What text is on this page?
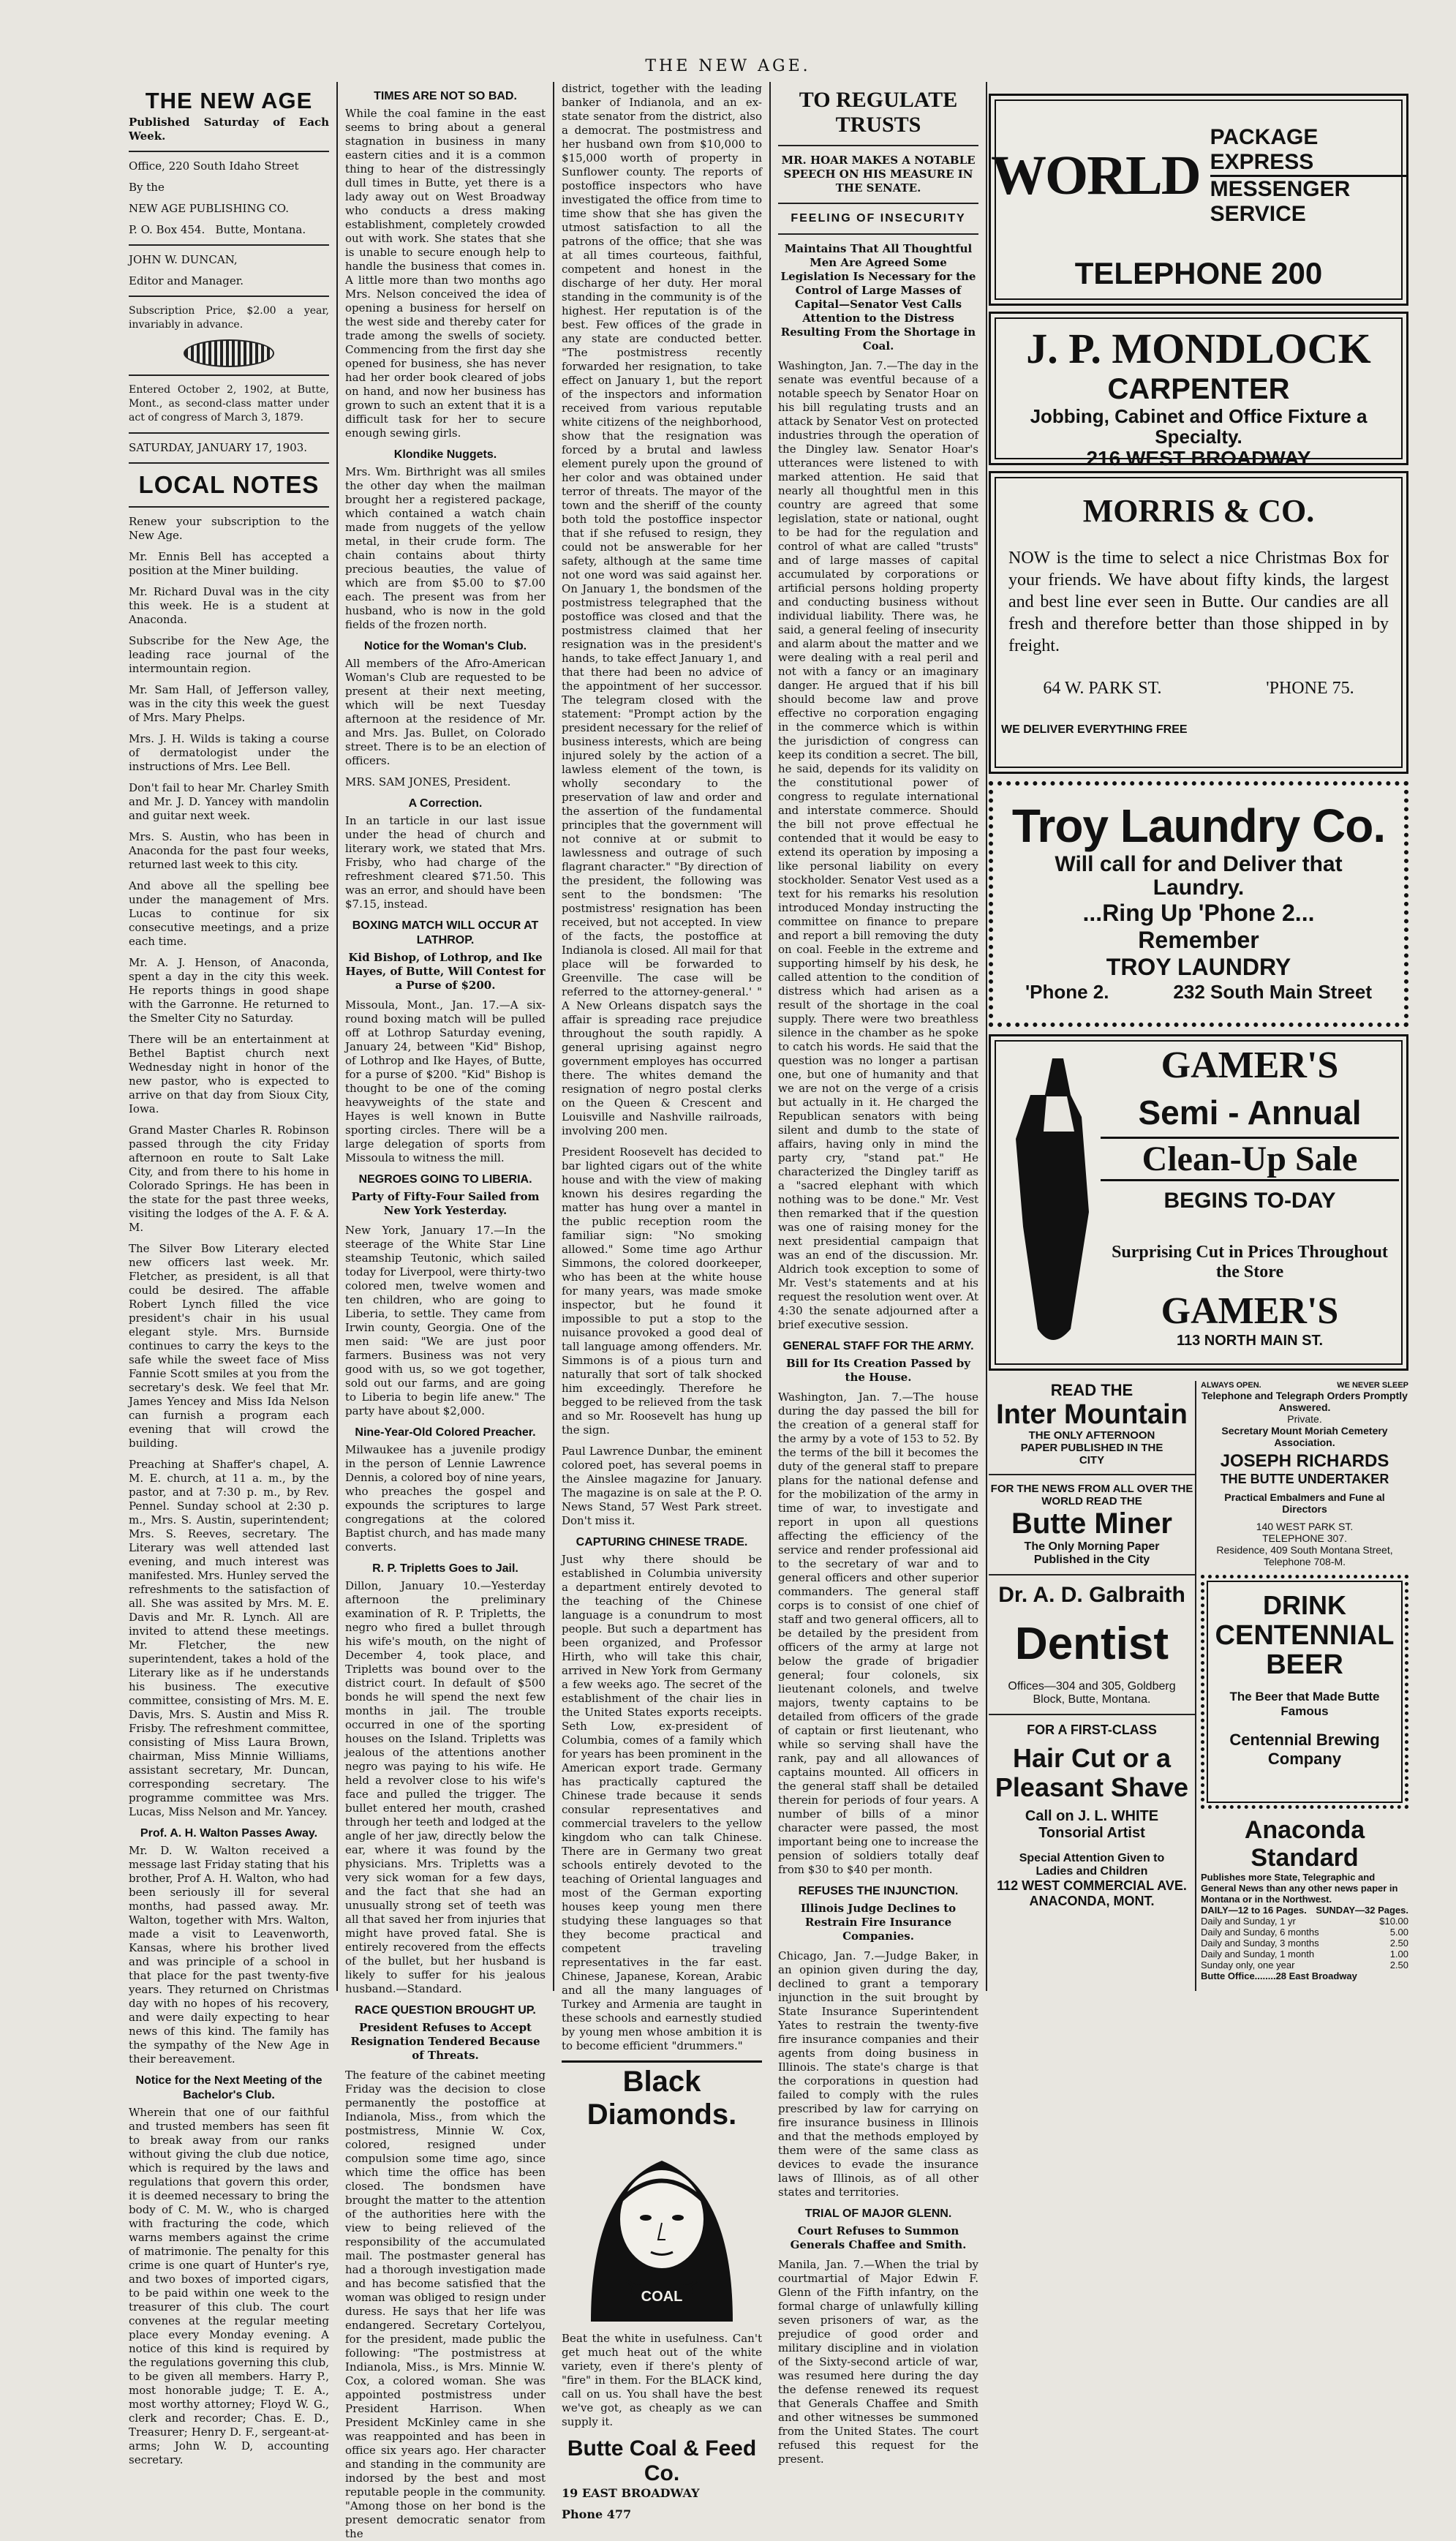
THE NEW AGE.
THE NEW AGE

Published Saturday of Each Week.

Office, 220 South Idaho Street

By the

NEW AGE PUBLISHING CO.

P. O. Box 454. Butte, Montana.

JOHN W. DUNCAN,

Editor and Manager.

Subscription Price, $2.00 a year, invariably in advance.

Entered October 2, 1902, at Butte, Mont., as second-class matter under act of congress of March 3, 1879.

SATURDAY, JANUARY 17, 1903.

LOCAL NOTES

Renew your subscription to the New Age.

Mr. Ennis Bell has accepted a position at the Miner building.

Mr. Richard Duval was in the city this week. He is a student at Anaconda.

Subscribe for the New Age, the leading race journal of the intermountain region.

Mr. Sam Hall, of Jefferson valley, was in the city this week the guest of Mrs. Mary Phelps.

Mrs. J. H. Wilds is taking a course of dermatologist under the instructions of Mrs. Lee Bell.

Don't fail to hear Mr. Charley Smith and Mr. J. D. Yancey with mandolin and guitar next week.

Mrs. S. Austin, who has been in Anaconda for the past four weeks, returned last week to this city.

And above all the spelling bee under the management of Mrs. Lucas to continue for six consecutive meetings, and a prize each time.

Mr. A. J. Henson, of Anaconda, spent a day in the city this week. He reports things in good shape with the Garronne. He returned to the Smelter City no Saturday.

There will be an entertainment at Bethel Baptist church next Wednesday night in honor of the new pastor, who is expected to arrive on that day from Sioux City, Iowa.

Grand Master Charles R. Robinson passed through the city Friday afternoon en route to Salt Lake City, and from there to his home in Colorado Springs. He has been in the state for the past three weeks, visiting the lodges of the A. F. & A. M.

The Silver Bow Literary elected new officers last week. Mr. Fletcher, as president, is all that could be desired. The affable Robert Lynch filled the vice president's chair in his usual elegant style. Mrs. Burnside continues to carry the keys to the safe while the sweet face of Miss Fannie Scott smiles at you from the secretary's desk. We feel that Mr. James Yencey and Miss Ida Nelson can furnish a program each evening that will crowd the building.

Preaching at Shaffer's chapel, A. M. E. church, at 11 a. m., by the pastor, and at 7:30 p. m., by Rev. Pennel. Sunday school at 2:30 p. m., Mrs. S. Austin, superintendent; Mrs. S. Reeves, secretary. The Literary was well attended last evening, and much interest was manifested. Mrs. Hunley served the refreshments to the satisfaction of all. She was assited by Mrs. M. E. Davis and Mr. R. Lynch. All are invited to attend these meetings. Mr. Fletcher, the new superintendent, takes a hold of the Literary like as if he understands his business. The executive committee, consisting of Mrs. M. E. Davis, Mrs. S. Austin and Miss R. Frisby. The refreshment committee, consisting of Miss Laura Brown, chairman, Miss Minnie Williams, assistant secretary, Mr. Duncan, corresponding secretary. The programme committee was Mrs. Lucas, Miss Nelson and Mr. Yancey.

Prof. A. H. Walton Passes Away.

Mr. D. W. Walton received a message last Friday stating that his brother, Prof A. H. Walton, who had been seriously ill for several months, had passed away. Mr. Walton, together with Mrs. Walton, made a visit to Leavenworth, Kansas, where his brother lived and was principle of a school in that place for the past twenty-five years. They returned on Christmas day with no hopes of his recovery, and were daily expecting to hear news of this kind. The family has the sympathy of the New Age in their bereavement.

Notice for the Next Meeting of the Bachelor's Club.

Wherein that one of our faithful and trusted members has seen fit to break away from our ranks without giving the club due notice, which is required by the laws and regulations that govern this order, it is deemed necessary to bring the body of C. M. W., who is charged with fracturing the code, which warns members against the crime of matrimonie. The penalty for this crime is one quart of Hunter's rye, and two boxes of imported cigars, to be paid within one week to the treasurer of this club. The court convenes at the regular meeting place every Monday evening. A notice of this kind is required by the regulations governing this club, to be given all members. Harry P., most honorable judge; T. E. A., most worthy attorney; Floyd W. G., clerk and recorder; Chas. E. D., Treasurer; Henry D. F., sergeant-at-arms; John W. D, accounting secretary.

TIMES ARE NOT SO BAD.

While the coal famine in the east seems to bring about a general stagnation in business in many eastern cities and it is a common thing to hear of the distressingly dull times in Butte, yet there is a lady away out on West Broadway who conducts a dress making establishment, completely crowded out with work. She states that she is unable to secure enough help to handle the business that comes in. A little more than two months ago Mrs. Nelson conceived the idea of opening a business for herself on the west side and thereby cater for trade among the swells of society. Commencing from the first day she opened for business, she has never had her order book cleared of jobs on hand, and now her business has grown to such an extent that it is a difficult task for her to secure enough sewing girls.

Klondike Nuggets.

Mrs. Wm. Birthright was all smiles the other day when the mailman brought her a registered package, which contained a watch chain made from nuggets of the yellow metal, in their crude form. The chain contains about thirty precious beauties, the value of which are from $5.00 to $7.00 each. The present was from her husband, who is now in the gold fields of the frozen north.

Notice for the Woman's Club.

All members of the Afro-American Woman's Club are requested to be present at their next meeting, which will be next Tuesday afternoon at the residence of Mr. and Mrs. Jas. Bullet, on Colorado street. There is to be an election of officers.

MRS. SAM JONES, President.

A Correction.

In an tarticle in our last issue under the head of church and literary work, we stated that Mrs. Frisby, who had charge of the refreshment cleared $71.50. This was an error, and should have been $7.15, instead.

BOXING MATCH WILL OCCUR AT LATHROP.
Kid Bishop, of Lothrop, and Ike Hayes, of Butte, Will Contest for a Purse of $200.

Missoula, Mont., Jan. 17.—A six-round boxing match will be pulled off at Lothrop Saturday evening, January 24, between "Kid" Bishop, of Lothrop and Ike Hayes, of Butte, for a purse of $200. "Kid" Bishop is thought to be one of the coming heavyweights of the state and Hayes is well known in Butte sporting circles. There will be a large delegation of sports from Missoula to witness the mill.

NEGROES GOING TO LIBERIA.
Party of Fifty-Four Sailed from New York Yesterday.

New York, January 17.—In the steerage of the White Star Line steamship Teutonic, which sailed today for Liverpool, were thirty-two colored men, twelve women and ten children, who are going to Liberia, to settle. They came from Irwin county, Georgia. One of the men said: "We are just poor farmers. Business was not very good with us, so we got together, sold out our farms, and are going to Liberia to begin life anew." The party have about $2,000.

Nine-Year-Old Colored Preacher.

Milwaukee has a juvenile prodigy in the person of Lennie Lawrence Dennis, a colored boy of nine years, who preaches the gospel and expounds the scriptures to large congregations at the colored Baptist church, and has made many converts.

R. P. Tripletts Goes to Jail.

Dillon, January 10.—Yesterday afternoon the preliminary examination of R. P. Tripletts, the negro who fired a bullet through his wife's mouth, on the night of December 4, took place, and Tripletts was bound over to the district court. In default of $500 bonds he will spend the next few months in jail. The trouble occurred in one of the sporting houses on the Island. Tripletts was jealous of the attentions another negro was paying to his wife. He held a revolver close to his wife's face and pulled the trigger. The bullet entered her mouth, crashed through her teeth and lodged at the angle of her jaw, directly below the ear, where it was found by the physicians. Mrs. Tripletts was a very sick woman for a few days, and the fact that she had an unusually strong set of teeth was all that saved her from injuries that might have proved fatal. She is entirely recovered from the effects of the bullet, but her husband is likely to suffer for his jealous husband.—Standard.

RACE QUESTION BROUGHT UP.
President Refuses to Accept Resignation Tendered Because of Threats.

The feature of the cabinet meeting Friday was the decision to close permanently the postoffice at Indianola, Miss., from which the postmistress, Minnie W. Cox, colored, resigned under compulsion some time ago, since which time the office has been closed. The bondsmen have brought the matter to the attention of the authorities here with the view to being relieved of the responsibility of the accumulated mail. The postmaster general has had a thorough investigation made and has become satisfied that the woman was obliged to resign under duress. He says that her life was endangered. Secretary Cortelyou, for the president, made public the following: "The postmistress at Indianola, Miss., is Mrs. Minnie W. Cox, a colored woman. She was appointed postmistress under President Harrison. When President McKinley came in she was reappointed and has been in office six years ago. Her character and standing in the community are indorsed by the best and most reputable people in the community. "Among those on her bond is the present democratic senator from the

district, together with the leading banker of Indianola, and an ex-state senator from the district, also a democrat. The postmistress and her husband own from $10,000 to $15,000 worth of property in Sunflower county. The reports of postoffice inspectors who have investigated the office from time to time show that she has given the utmost satisfaction to all the patrons of the office; that she was at all times courteous, faithful, competent and honest in the discharge of her duty. Her moral standing in the community is of the highest. Her reputation is of the best. Few offices of the grade in any state are conducted better. "The postmistress recently forwarded her resignation, to take effect on January 1, but the report of the inspectors and information received from various reputable white citizens of the neighborhood, show that the resignation was forced by a brutal and lawless element purely upon the ground of her color and was obtained under terror of threats. The mayor of the town and the sheriff of the county both told the postoffice inspector that if she refused to resign, they could not be answerable for her safety, although at the same time not one word was said against her. On January 1, the bondsmen of the postmistress telegraphed that the postoffice was closed and that the postmistress claimed that her resignation was in the president's hands, to take effect January 1, and that there had been no advice of the appointment of her successor. The telegram closed with the statement: "Prompt action by the president necessary for the relief of business interests, which are being injured solely by the action of a lawless element of the town, is wholly secondary to the preservation of law and order and the assertion of the fundamental principles that the government will not connive at or submit to lawlessness and outrage of such flagrant character." "By direction of the president, the following was sent to the bondsmen: 'The postmistress' resignation has been received, but not accepted. In view of the facts, the postoffice at Indianola is closed. All mail for that place will be forwarded to Greenville. The case will be referred to the attorney-general.' " A New Orleans dispatch says the affair is spreading race prejudice throughout the south rapidly. A general uprising against negro government employes has occurred there. The whites demand the resignation of negro postal clerks on the Queen & Crescent and Louisville and Nashville railroads, involving 200 men.

President Roosevelt has decided to bar lighted cigars out of the white house and with the view of making known his desires regarding the matter has hung over a mantel in the public reception room the familiar sign: "No smoking allowed." Some time ago Arthur Simmons, the colored doorkeeper, who has been at the white house for many years, was made smoke inspector, but he found it impossible to put a stop to the nuisance provoked a good deal of tall language among offenders. Mr. Simmons is of a pious turn and naturally that sort of talk shocked him exceedingly. Therefore he begged to be relieved from the task and so Mr. Roosevelt has hung up the sign.

Paul Lawrence Dunbar, the eminent colored poet, has several poems in the Ainslee magazine for January. The magazine is on sale at the P. O. News Stand, 57 West Park street. Don't miss it.

CAPTURING CHINESE TRADE.

Just why there should be established in Columbia university a department entirely devoted to the teaching of the Chinese language is a conundrum to most people. But such a department has been organized, and Professor Hirth, who will take this chair, arrived in New York from Germany a few weeks ago. The secret of the establishment of the chair lies in the United States exports receipts. Seth Low, ex-president of Columbia, comes of a family which for years has been prominent in the American export trade. Germany has practically captured the Chinese trade because it sends consular representatives and commercial travelers to the yellow kingdom who can talk Chinese. There are in Germany two great schools entirely devoted to the teaching of Oriental languages and most of the German exporting houses keep young men there studying these languages so that they become practical and competent traveling representatives in the far east. Chinese, Japanese, Korean, Arabic and all the many languages of Turkey and Armenia are taught in these schools and earnestly studied by young men whose ambition it is to become efficient "drummers."

Black Diamonds.
COAL

Beat the white in usefulness. Can't get much heat out of the white variety, even if there's plenty of "fire" in them. For the BLACK kind, call on us. You shall have the best we've got, as cheaply as we can supply it.

Butte Coal & Feed Co.

19 EAST BROADWAY

Phone 477

TO REGULATE TRUSTS
MR. HOAR MAKES A NOTABLE SPEECH ON HIS MEASURE IN THE SENATE.
FEELING OF INSECURITY
Maintains That All Thoughtful Men Are Agreed Some Legislation Is Necessary for the Control of Large Masses of Capital—Senator Vest Calls Attention to the Distress Resulting From the Shortage in Coal.

Washington, Jan. 7.—The day in the senate was eventful because of a notable speech by Senator Hoar on his bill regulating trusts and an attack by Senator Vest on protected industries through the operation of the Dingley law. Senator Hoar's utterances were listened to with marked attention. He said that nearly all thoughtful men in this country are agreed that some legislation, state or national, ought to be had for the regulation and control of what are called "trusts" and of large masses of capital accumulated by corporations or artificial persons holding property and conducting business without individual liability. There was, he said, a general feeling of insecurity and alarm about the matter and we were dealing with a real peril and not with a fancy or an imaginary danger. He argued that if his bill should become law and prove effective no corporation engaging in the commerce which is within the jurisdiction of congress can keep its condition a secret. The bill, he said, depends for its validity on the constitutional power of congress to regulate international and interstate commerce. Should the bill not prove effectual he contended that it would be easy to extend its operation by imposing a like personal liability on every stockholder. Senator Vest used as a text for his remarks his resolution introduced Monday instructing the committee on finance to prepare and report a bill removing the duty on coal. Feeble in the extreme and supporting himself by his desk, he called attention to the condition of distress which had arisen as a result of the shortage in the coal supply. There were two breathless silence in the chamber as he spoke to catch his words. He said that the question was no longer a partisan one, but one of humanity and that we are not on the verge of a crisis but actually in it. He charged the Republican senators with being silent and dumb to the state of affairs, having only in mind the party cry, "stand pat." He characterized the Dingley tariff as a "sacred elephant with which nothing was to be done." Mr. Vest then remarked that if the question was one of raising money for the next presidential campaign that was an end of the discussion. Mr. Aldrich took exception to some of Mr. Vest's statements and at his request the resolution went over. At 4:30 the senate adjourned after a brief executive session.

GENERAL STAFF FOR THE ARMY.
Bill for Its Creation Passed by the House.

Washington, Jan. 7.—The house during the day passed the bill for the creation of a general staff for the army by a vote of 153 to 52. By the terms of the bill it becomes the duty of the general staff to prepare plans for the national defense and for the mobilization of the army in time of war, to investigate and report in upon all questions affecting the efficiency of the service and render professional aid to the secretary of war and to general officers and other superior commanders. The general staff corps is to consist of one chief of staff and two general officers, all to be detailed by the president from officers of the army at large not below the grade of brigadier general; four colonels, six lieutenant colonels, and twelve majors, twenty captains to be detailed from officers of the grade of captain or first lieutenant, who while so serving shall have the rank, pay and all allowances of captains mounted. All officers in the general staff shall be detailed therein for periods of four years. A number of bills of a minor character were passed, the most important being one to increase the pension of soldiers totally deaf from $30 to $40 per month.

REFUSES THE INJUNCTION.
Illinois Judge Declines to Restrain Fire Insurance Companies.

Chicago, Jan. 7.—Judge Baker, in an opinion given during the day, declined to grant a temporary injunction in the suit brought by State Insurance Superintendent Yates to restrain the twenty-five fire insurance companies and their agents from doing business in Illinois. The state's charge is that the corporations in question had failed to comply with the rules prescribed by law for carrying on fire insurance business in Illinois and that the methods employed by them were of the same class as devices to evade the insurance laws of Illinois, as of all other states and territories.

TRIAL OF MAJOR GLENN.
Court Refuses to Summon Generals Chaffee and Smith.

Manila, Jan. 7.—When the trial by courtmartial of Major Edwin F. Glenn of the Fifth infantry, on the formal charge of unlawfully killing seven prisoners of war, as the prejudice of good order and military discipline and in violation of the Sixty-second article of war, was resumed here during the day the defense renewed its request that Generals Chaffee and Smith and other witnesses be summoned from the United States. The court refused this request for the present.

WORLD
PACKAGE EXPRESS
MESSENGER SERVICE
TELEPHONE 200
J. P. MONDLOCK
CARPENTER
Jobbing, Cabinet and Office Fixture a Specialty.
216 WEST BROADWAY
MORRIS & CO.

NOW is the time to select a nice Christmas Box for your friends. We have about fifty kinds, the largest and best line ever seen in Butte. Our candies are all fresh and therefore better than those shipped in by freight.

64 W. PARK ST.	'PHONE 75.
WE DELIVER EVERYTHING FREE
Troy Laundry Co.
Will call for and Deliver that Laundry.
...Ring Up 'Phone 2...
Remember
TROY LAUNDRY
'Phone 2.	232 South Main Street
GAMER'S
Semi - Annual
Clean-Up Sale
BEGINS TO-DAY
Surprising Cut in Prices Throughout the Store
GAMER'S
113 NORTH MAIN ST.
READ THE
Inter Mountain
THE ONLY AFTERNOON PAPER PUBLISHED IN THE CITY
FOR THE NEWS FROM ALL OVER THE WORLD READ THE
Butte Miner
The Only Morning Paper Published in the City
Dr. A. D. Galbraith
Dentist
Offices—304 and 305, Goldberg Block, Butte, Montana.
FOR A FIRST-CLASS
Hair Cut or a Pleasant Shave
Call on J. L. WHITE
Tonsorial Artist
Special Attention Given to Ladies and Children
112 WEST COMMERCIAL AVE. ANACONDA, MONT.
ALWAYS OPEN.	WE NEVER SLEEP
Telephone and Telegraph Orders Promptly Answered.
Private.
Secretary Mount Moriah Cemetery Association.
JOSEPH RICHARDS
THE BUTTE UNDERTAKER
Practical Embalmers and Fune al Directors
140 WEST PARK ST.
TELEPHONE 307.
Residence, 409 South Montana Street, Telephone 708-M.
DRINK
CENTENNIAL BEER
The Beer that Made Butte Famous
Centennial Brewing Company
Anaconda Standard
Publishes more State, Telegraphic and General News than any other news paper in Montana or in the Northwest.
DAILY—12 to 16 Pages. SUNDAY—32 Pages.
Daily and Sunday, 1 yr	$10.00
Daily and Sunday, 6 months	5.00
Daily and Sunday, 3 months	2.50
Daily and Sunday, 1 month	1.00
Sunday only, one year	2.50
Butte Office........28 East Broadway
